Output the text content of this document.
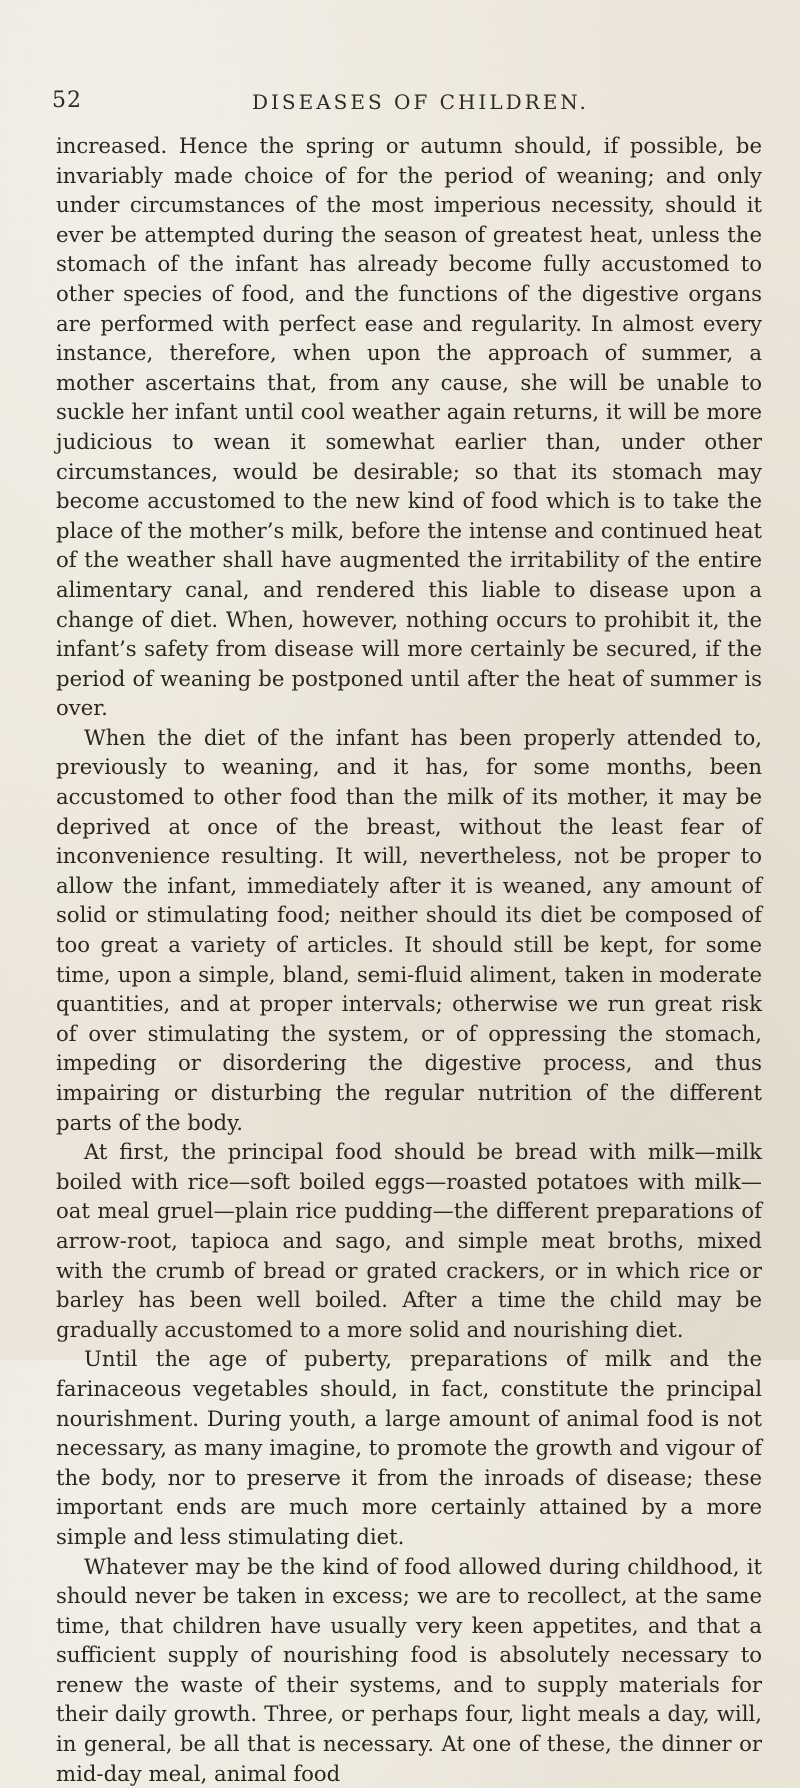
52	DISEASES OF CHILDREN.

increased. Hence the spring or autumn should, if possible, be invariably made choice of for the period of weaning; and only under circumstances of the most imperious necessity, should it ever be attempted during the season of greatest heat, unless the stomach of the infant has already become fully accustomed to other species of food, and the functions of the digestive organs are performed with perfect ease and regularity. In almost every instance, therefore, when upon the approach of summer, a mother ascertains that, from any cause, she will be unable to suckle her infant until cool weather again returns, it will be more judicious to wean it somewhat earlier than, under other circumstances, would be desirable; so that its stomach may become accustomed to the new kind of food which is to take the place of the mother’s milk, before the intense and continued heat of the weather shall have augmented the irritability of the entire alimentary canal, and rendered this liable to disease upon a change of diet. When, however, nothing occurs to prohibit it, the infant’s safety from disease will more certainly be secured, if the period of weaning be postponed until after the heat of summer is over.

When the diet of the infant has been properly attended to, previously to weaning, and it has, for some months, been accustomed to other food than the milk of its mother, it may be deprived at once of the breast, without the least fear of inconvenience resulting. It will, nevertheless, not be proper to allow the infant, immediately after it is weaned, any amount of solid or stimulating food; neither should its diet be composed of too great a variety of articles. It should still be kept, for some time, upon a simple, bland, semi-fluid aliment, taken in moderate quantities, and at proper intervals; otherwise we run great risk of over stimulating the system, or of oppressing the stomach, impeding or disordering the digestive process, and thus impairing or disturbing the regular nutrition of the different parts of the body.

At first, the principal food should be bread with milk—milk boiled with rice—soft boiled eggs—roasted potatoes with milk—oat meal gruel—plain rice pudding—the different preparations of arrow-root, tapioca and sago, and simple meat broths, mixed with the crumb of bread or grated crackers, or in which rice or barley has been well boiled. After a time the child may be gradually accustomed to a more solid and nourishing diet.

Until the age of puberty, preparations of milk and the farinaceous vegetables should, in fact, constitute the principal nourishment. During youth, a large amount of animal food is not necessary, as many imagine, to promote the growth and vigour of the body, nor to preserve it from the inroads of disease; these important ends are much more certainly attained by a more simple and less stimulating diet.

Whatever may be the kind of food allowed during childhood, it should never be taken in excess; we are to recollect, at the same time, that children have usually very keen appetites, and that a sufficient supply of nourishing food is absolutely necessary to renew the waste of their systems, and to supply materials for their daily growth. Three, or perhaps four, light meals a day, will, in general, be all that is necessary. At one of these, the dinner or mid-day meal, animal food
